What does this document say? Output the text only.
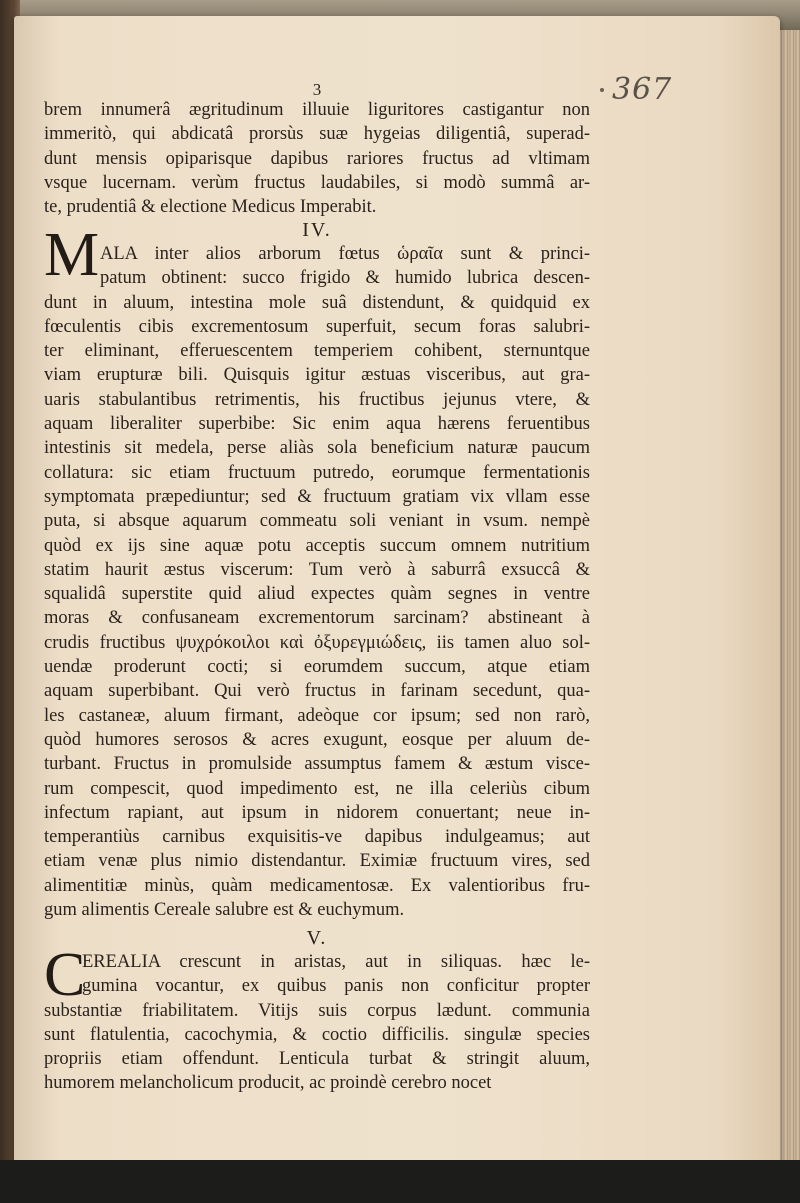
367
3
brem innumerâ ægritudinum illuuie liguritores castigantur non
immeritò, qui abdicatâ prorsùs suæ hygeias diligentiâ, superad-
dunt mensis opiparisque dapibus rariores fructus ad vltimam
vsque lucernam. verùm fructus laudabiles, si modò summâ ar-
te, prudentiâ & electione Medicus Imperabit.
IV.
M ALA inter alios arborum fœtus ὡραῖα sunt & princi-
patum obtinent: succo frigido & humido lubrica descen-
dunt in aluum, intestina mole suâ distendunt, & quidquid ex
fœculentis cibis excrementosum superfuit, secum foras salubri-
ter eliminant, efferuescentem temperiem cohibent, sternuntque
viam erupturæ bili. Quisquis igitur æstuas visceribus, aut gra-
uaris stabulantibus retrimentis, his fructibus jejunus vtere, &
aquam liberaliter superbibe: Sic enim aqua hærens feruentibus
intestinis sit medela, perse aliàs sola beneficium naturæ paucum
collatura: sic etiam fructuum putredo, eorumque fermentationis
symptomata præpediuntur; sed & fructuum gratiam vix vllam esse
puta, si absque aquarum commeatu soli veniant in vsum. nempè
quòd ex ijs sine aquæ potu acceptis succum omnem nutritium
statim haurit æstus viscerum: Tum verò à saburrâ exsuccâ &
squalidâ superstite quid aliud expectes quàm segnes in ventre
moras & confusaneam excrementorum sarcinam? abstineant à
crudis fructibus ψυχρόκοιλοι καὶ ὀξυρεγμιώδεις, iis tamen aluo sol-
uendæ proderunt cocti; si eorumdem succum, atque etiam
aquam superbibant. Qui verò fructus in farinam secedunt, qua-
les castaneæ, aluum firmant, adeòque cor ipsum; sed non rarò,
quòd humores serosos & acres exugunt, eosque per aluum de-
turbant. Fructus in promulside assumptus famem & æstum visce-
rum compescit, quod impedimento est, ne illa celeriùs cibum
infectum rapiant, aut ipsum in nidorem conuertant; neue in-
temperantiùs carnibus exquisitis-ve dapibus indulgeamus; aut
etiam venæ plus nimio distendantur. Eximiæ fructuum vires, sed
alimentitiæ minùs, quàm medicamentosæ. Ex valentioribus fru-
gum alimentis Cereale salubre est & euchymum.
V.
C
EREALIA crescunt in aristas, aut in siliquas. hæc le-
gumina vocantur, ex quibus panis non conficitur propter
substantiæ friabilitatem. Vitijs suis corpus lædunt. communia
sunt flatulentia, cacochymia, & coctio difficilis. singulæ species
propriis etiam offendunt. Lenticula turbat & stringit aluum,
humorem melancholicum producit, ac proindè cerebro nocet
